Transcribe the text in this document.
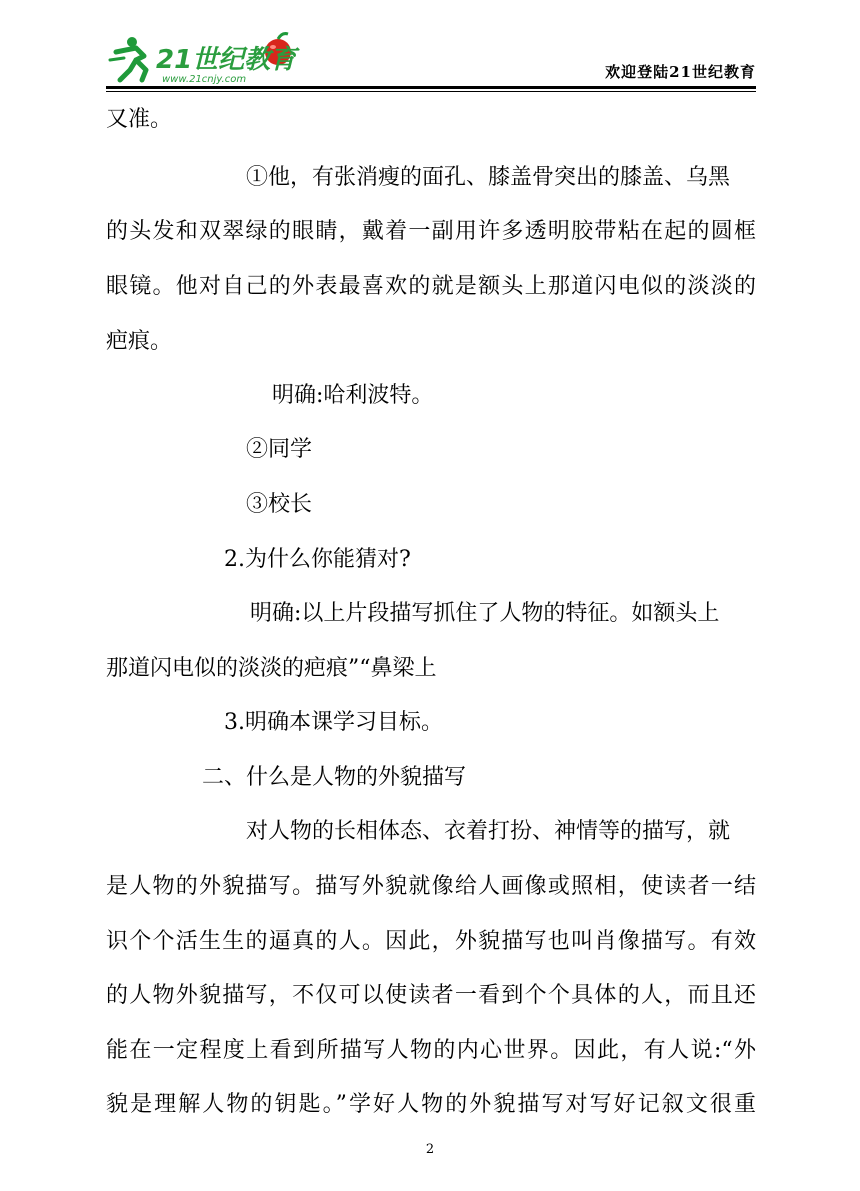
21世纪教育
www.21cnjy.com	欢迎登陆21世纪教育
又准。
①他，有张消瘦的面孔、膝盖骨突出的膝盖、乌黑
的头发和双翠绿的眼睛，戴着一副用许多透明胶带粘在起的圆框
眼镜。他对自己的外表最喜欢的就是额头上那道闪电似的淡淡的
疤痕。
明确:哈利波特。
②同学
③校长
2.为什么你能猜对?
明确:以上片段描写抓住了人物的特征。如额头上
那道闪电似的淡淡的疤痕”“鼻梁上
3.明确本课学习目标。
二、什么是人物的外貌描写
对人物的长相体态、衣着打扮、神情等的描写，就
是人物的外貌描写。描写外貌就像给人画像或照相，使读者一结
识个个活生生的逼真的人。因此，外貌描写也叫肖像描写。有效
的人物外貌描写，不仅可以使读者一看到个个具体的人，而且还
能在一定程度上看到所描写人物的内心世界。因此，有人说:“外
貌是理解人物的钥匙。”学好人物的外貌描写对写好记叙文很重
2
